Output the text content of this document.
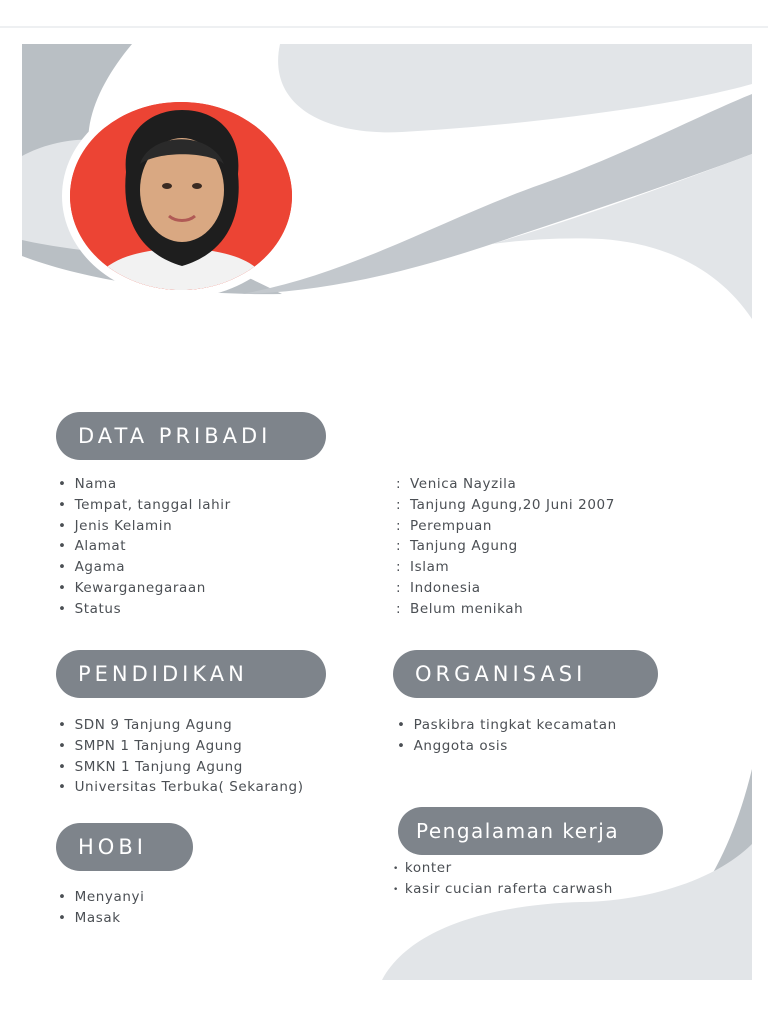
DATA PRIBADI
• Nama
• Tempat, tanggal lahir
• Jenis Kelamin
• Alamat
• Agama
• Kewarganegaraan
• Status
: Venica Nayzila
: Tanjung Agung,20 Juni 2007
: Perempuan
: Tanjung Agung
: Islam
: Indonesia
: Belum menikah
PENDIDIKAN
• SDN 9 Tanjung Agung
• SMPN 1 Tanjung Agung
• SMKN 1 Tanjung Agung
• Universitas Terbuka( Sekarang)
ORGANISASI
• Paskibra tingkat kecamatan
• Anggota osis
HOBI
• Menyanyi
• Masak
Pengalaman kerja
• konter
• kasir cucian raferta carwash
